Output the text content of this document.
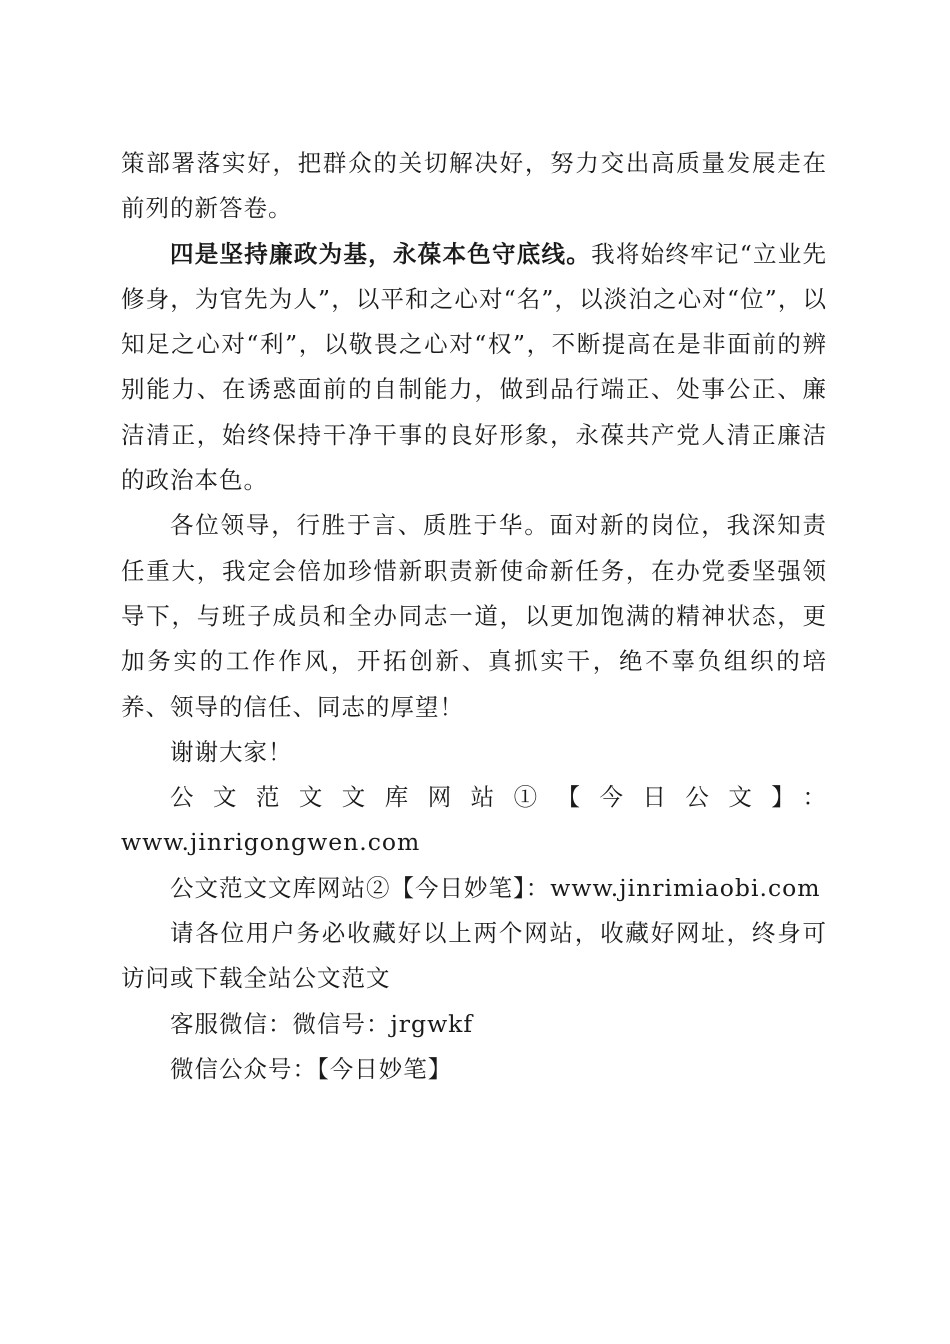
策部署落实好，把群众的关切解决好，努力交出高质量发展走在前列的新答卷。

四是坚持廉政为基，永葆本色守底线。我将始终牢记“立业先修身，为官先为人”，以平和之心对“名”，以淡泊之心对“位”，以知足之心对“利”，以敬畏之心对“权”，不断提高在是非面前的辨别能力、在诱惑面前的自制能力，做到品行端正、处事公正、廉洁清正，始终保持干净干事的良好形象，永葆共产党人清正廉洁的政治本色。

各位领导，行胜于言、质胜于华。面对新的岗位，我深知责任重大，我定会倍加珍惜新职责新使命新任务，在办党委坚强领导下，与班子成员和全办同志一道，以更加饱满的精神状态，更加务实的工作作风，开拓创新、真抓实干，绝不辜负组织的培养、领导的信任、同志的厚望！

谢谢大家！

公文范文文库网站①【今日公文】：

www.jinrigongwen.com

公文范文文库网站②【今日妙笔】：www.jinrimiaobi.com

请各位用户务必收藏好以上两个网站，收藏好网址，终身可访问或下载全站公文范文

客服微信：微信号：jrgwkf

微信公众号：【今日妙笔】
